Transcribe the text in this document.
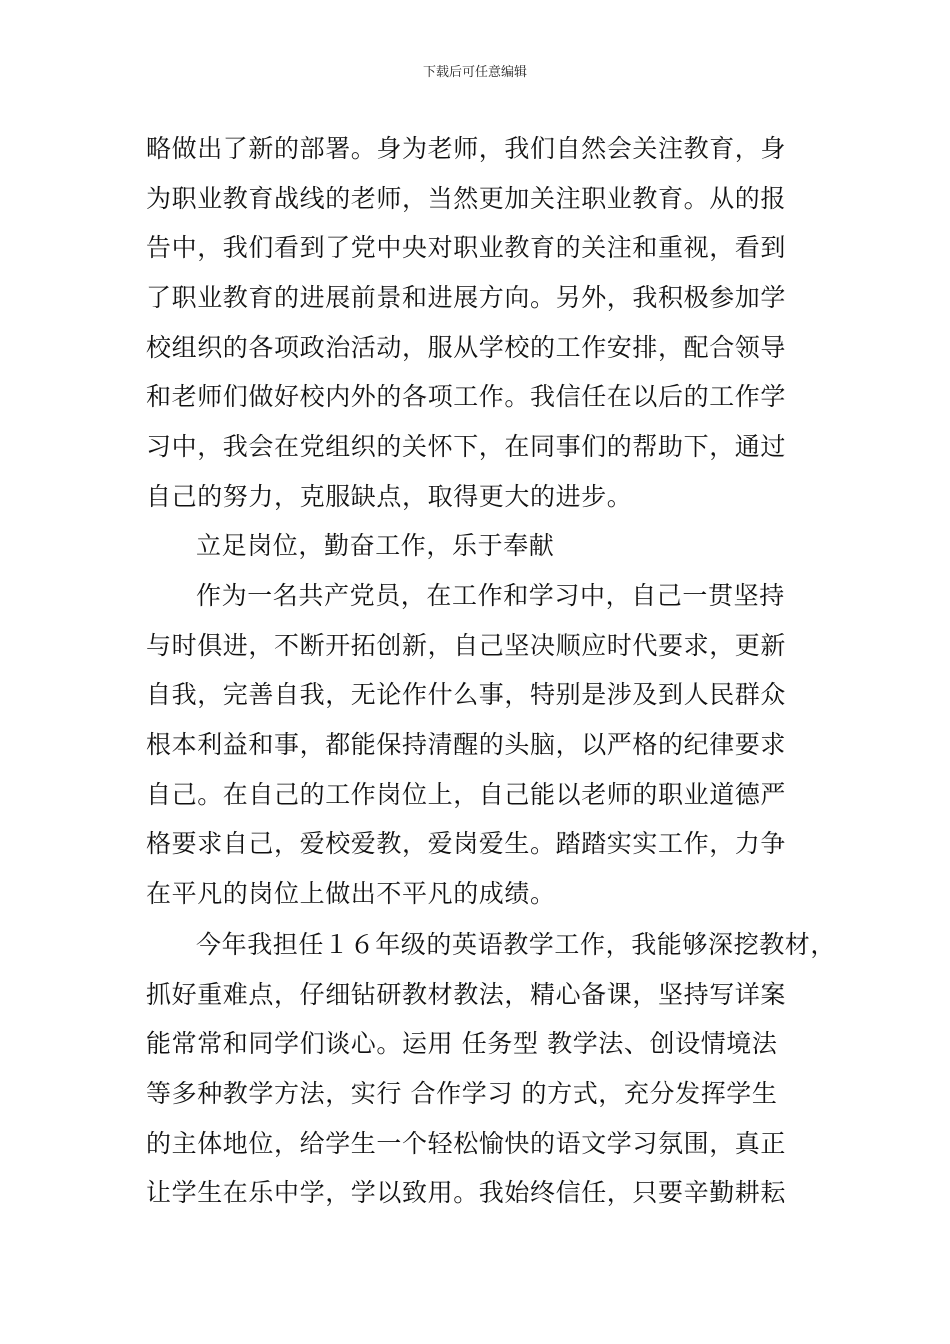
下载后可任意编辑
略做出了新的部署。身为老师，我们自然会关注教育，身
为职业教育战线的老师，当然更加关注职业教育。从的报
告中，我们看到了党中央对职业教育的关注和重视，看到
了职业教育的进展前景和进展方向。另外，我积极参加学
校组织的各项政治活动，服从学校的工作安排，配合领导
和老师们做好校内外的各项工作。我信任在以后的工作学
习中，我会在党组织的关怀下，在同事们的帮助下，通过
自己的努力，克服缺点，取得更大的进步。
立足岗位，勤奋工作，乐于奉献
作为一名共产党员，在工作和学习中，自己一贯坚持
与时俱进，不断开拓创新，自己坚决顺应时代要求，更新
自我，完善自我，无论作什么事，特别是涉及到人民群众
根本利益和事，都能保持清醒的头脑，以严格的纪律要求
自己。在自己的工作岗位上，自己能以老师的职业道德严
格要求自己，爱校爱教，爱岗爱生。踏踏实实工作，力争
在平凡的岗位上做出不平凡的成绩。
今年我担任１６年级的英语教学工作，我能够深挖教材，
抓好重难点，仔细钻研教材教法，精心备课，坚持写详案
能常常和同学们谈心。运用 任务型 教学法、创设情境法
等多种教学方法，实行 合作学习 的方式，充分发挥学生
的主体地位，给学生一个轻松愉快的语文学习氛围，真正
让学生在乐中学，学以致用。我始终信任，只要辛勤耕耘
